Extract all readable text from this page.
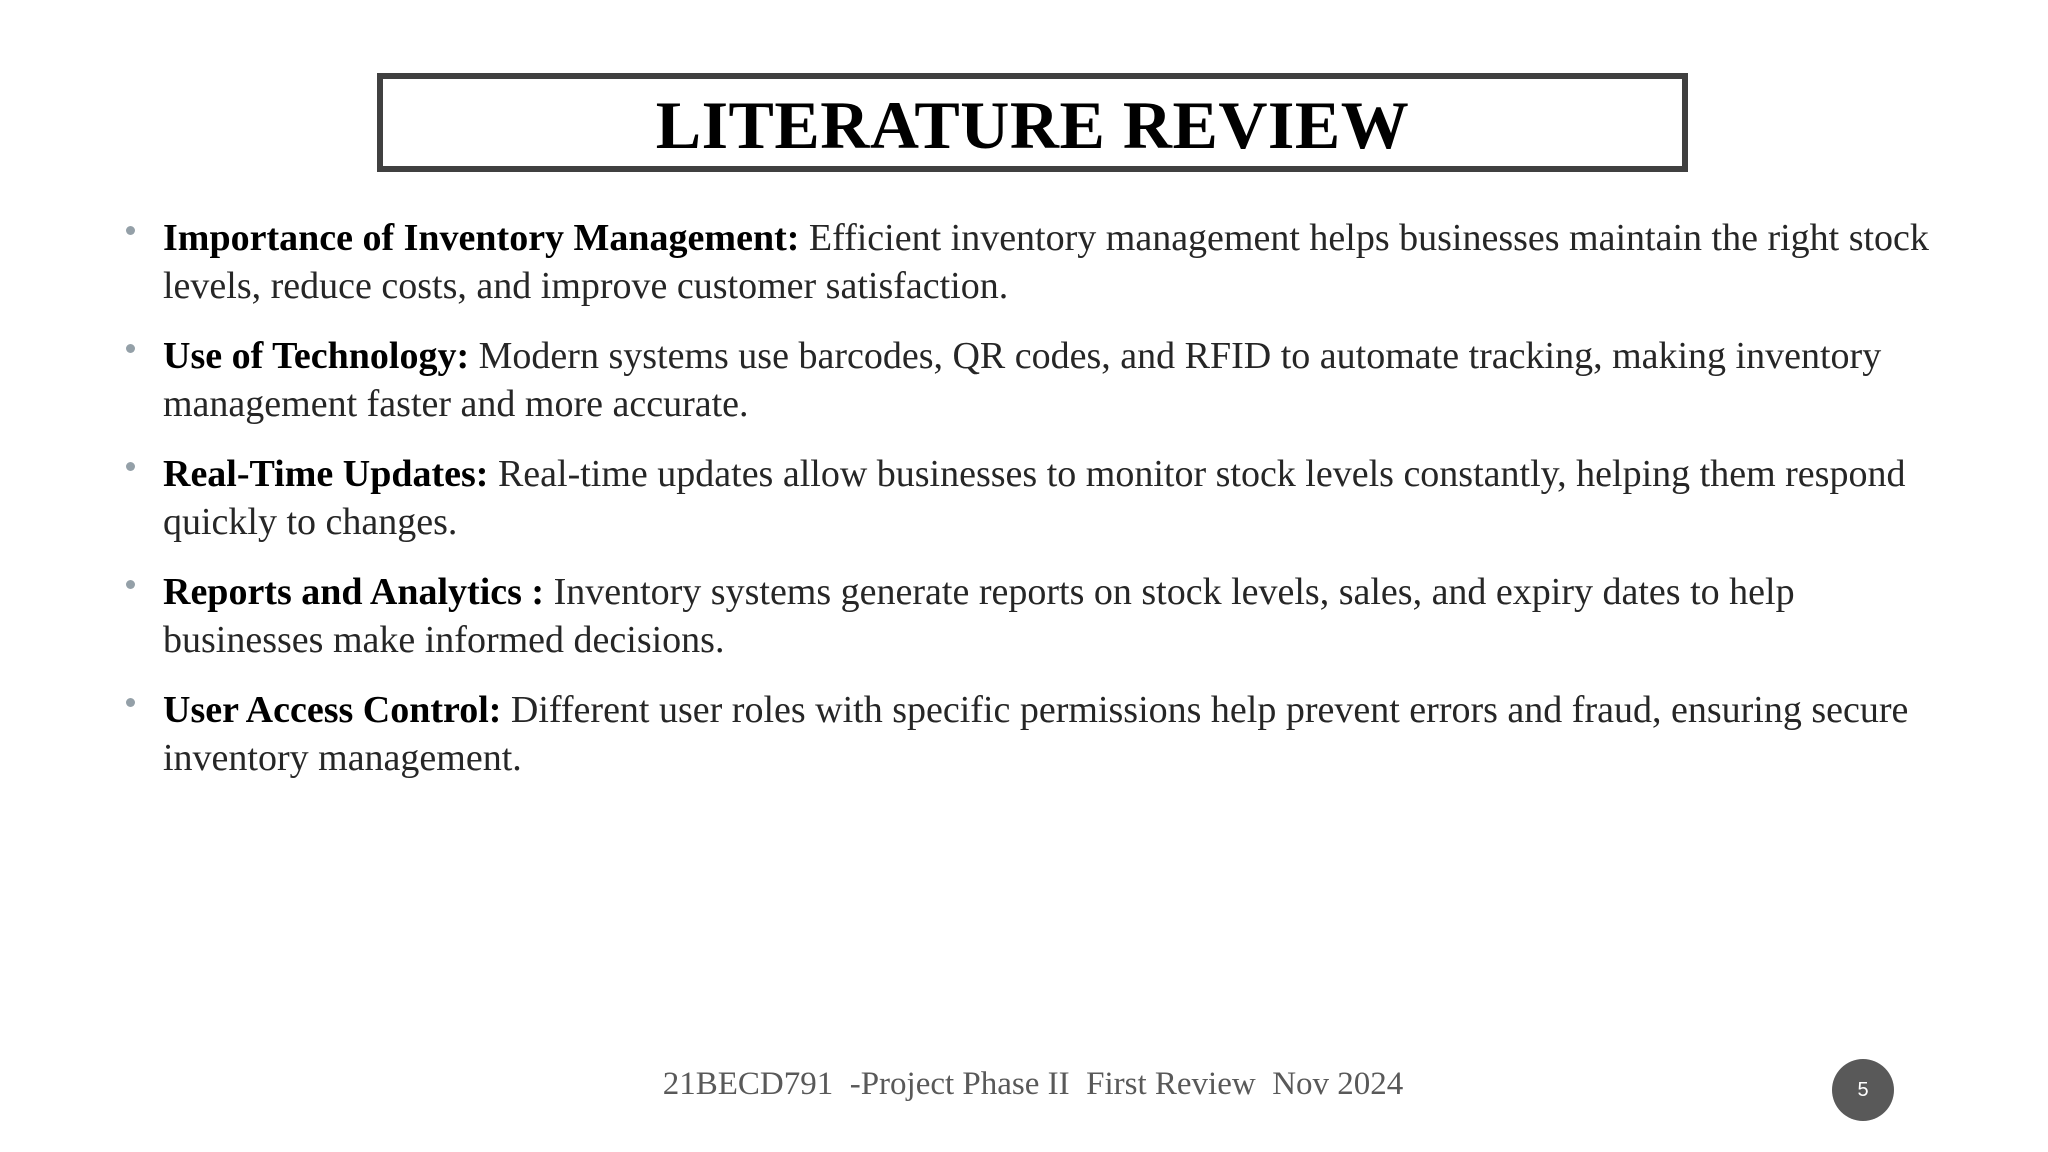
LITERATURE REVIEW
Importance of Inventory Management: Efficient inventory management helps businesses maintain the right stock levels, reduce costs, and improve customer satisfaction.
Use of Technology: Modern systems use barcodes, QR codes, and RFID to automate tracking, making inventory management faster and more accurate.
Real-Time Updates: Real-time updates allow businesses to monitor stock levels constantly, helping them respond quickly to changes.
Reports and Analytics : Inventory systems generate reports on stock levels, sales, and expiry dates to help businesses make informed decisions.
User Access Control: Different user roles with specific permissions help prevent errors and fraud, ensuring secure inventory management.
21BECD791  -Project Phase II  First Review  Nov 2024	5
